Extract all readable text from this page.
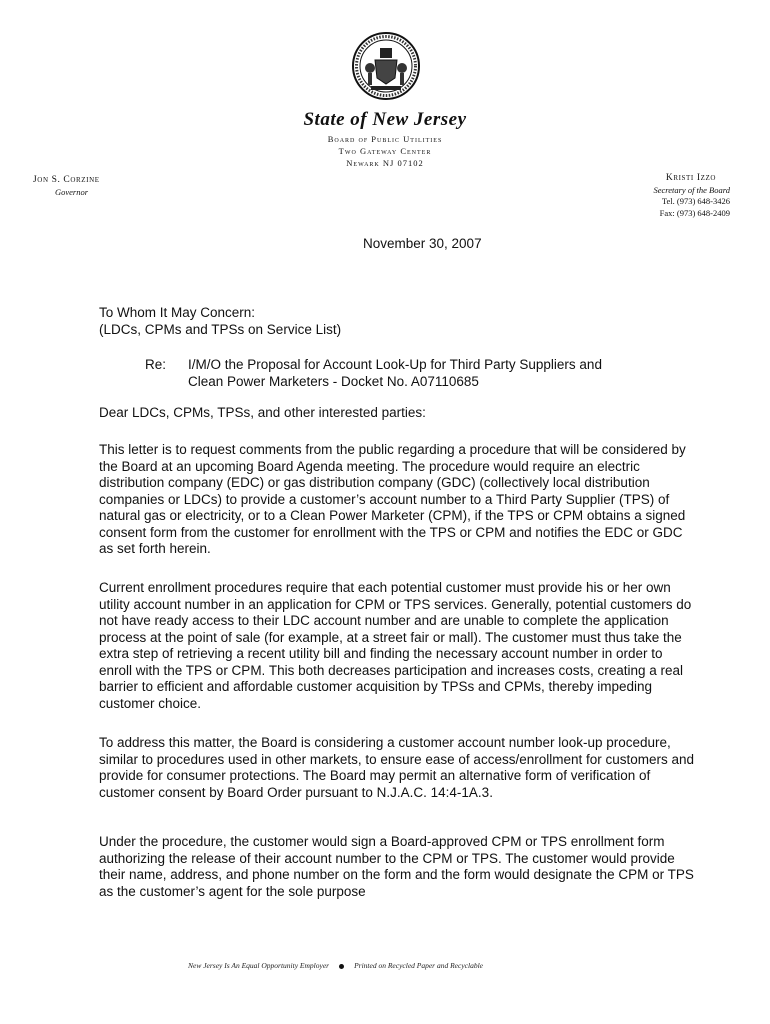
State of New Jersey
Board of Public Utilities
Two Gateway Center
Newark NJ 07102
Jon S. Corzine
Governor
Kristi Izzo
Secretary of the Board
Tel. (973) 648-3426
Fax: (973) 648-2409
November 30, 2007
To Whom It May Concern:
(LDCs, CPMs and TPSs on Service List)
Re: I/M/O the Proposal for Account Look-Up for Third Party Suppliers and
Clean Power Marketers - Docket No. A07110685
Dear LDCs, CPMs, TPSs, and other interested parties:
This letter is to request comments from the public regarding a procedure that will be considered by the Board at an upcoming Board Agenda meeting. The procedure would require an electric distribution company (EDC) or gas distribution company (GDC) (collectively local distribution companies or LDCs) to provide a customer’s account number to a Third Party Supplier (TPS) of natural gas or electricity, or to a Clean Power Marketer (CPM), if the TPS or CPM obtains a signed consent form from the customer for enrollment with the TPS or CPM and notifies the EDC or GDC as set forth herein.
Current enrollment procedures require that each potential customer must provide his or her own utility account number in an application for CPM or TPS services. Generally, potential customers do not have ready access to their LDC account number and are unable to complete the application process at the point of sale (for example, at a street fair or mall). The customer must thus take the extra step of retrieving a recent utility bill and finding the necessary account number in order to enroll with the TPS or CPM. This both decreases participation and increases costs, creating a real barrier to efficient and affordable customer acquisition by TPSs and CPMs, thereby impeding customer choice.
To address this matter, the Board is considering a customer account number look-up procedure, similar to procedures used in other markets, to ensure ease of access/enrollment for customers and provide for consumer protections. The Board may permit an alternative form of verification of customer consent by Board Order pursuant to N.J.A.C. 14:4-1A.3.
Under the procedure, the customer would sign a Board-approved CPM or TPS enrollment form authorizing the release of their account number to the CPM or TPS. The customer would provide their name, address, and phone number on the form and the form would designate the CPM or TPS as the customer’s agent for the sole purpose
New Jersey Is An Equal Opportunity Employer	Printed on Recycled Paper and Recyclable
